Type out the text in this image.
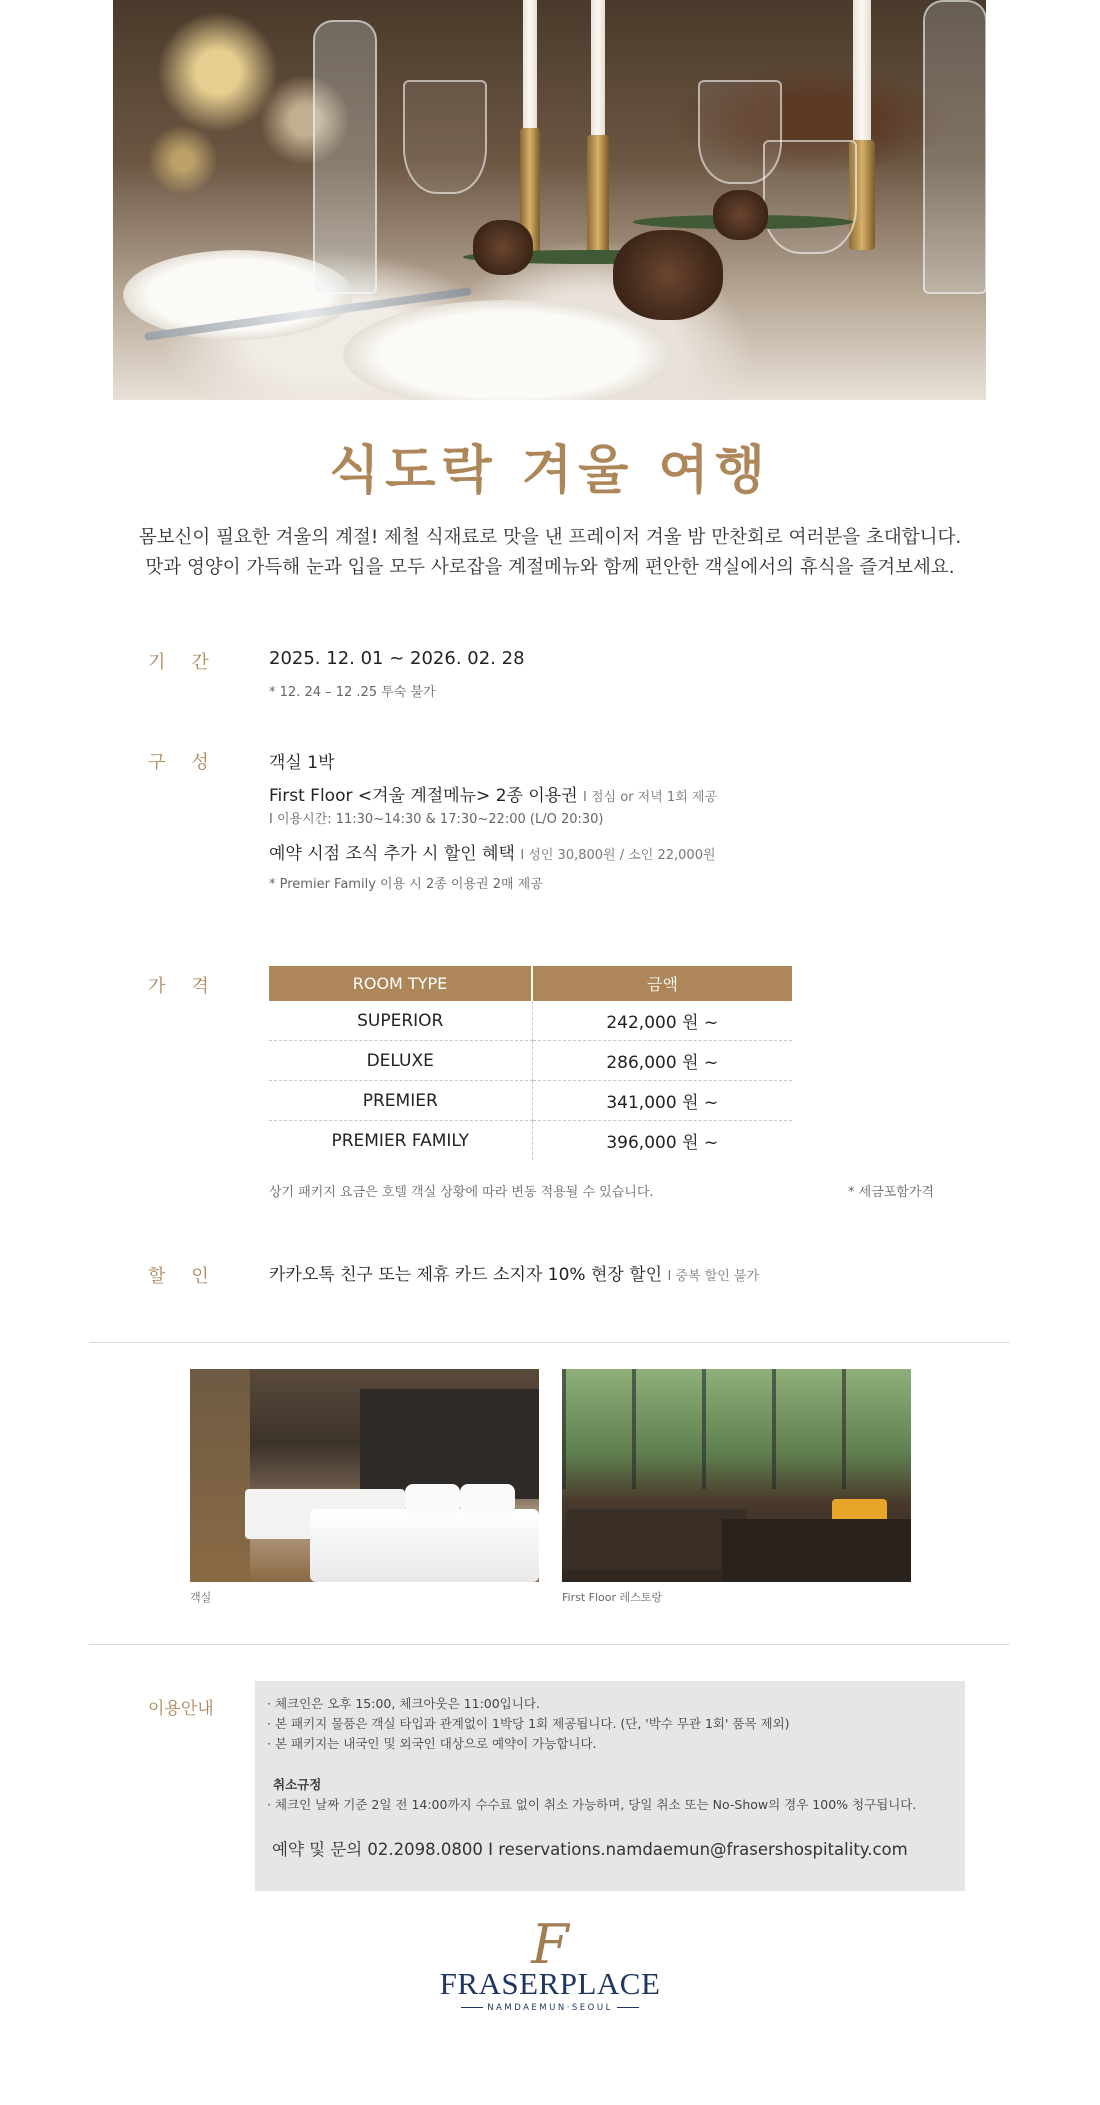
식도락 겨울 여행
몸보신이 필요한 겨울의 계절! 제철 식재료로 맛을 낸 프레이저 겨울 밤 만찬회로 여러분을 초대합니다.
맛과 영양이 가득해 눈과 입을 모두 사로잡을 계절메뉴와 함께 편안한 객실에서의 휴식을 즐겨보세요.
기간 2025. 12. 01 ~ 2026. 02. 28
* 12. 24 – 12 .25 투숙 불가
구성 객실 1박
First Floor <겨울 계절메뉴> 2종 이용권 I 점심 or 저녁 1회 제공
I 이용시간: 11:30~14:30 & 17:30~22:00 (L/O 20:30)
예약 시점 조식 추가 시 할인 혜택 I 성인 30,800원 / 소인 22,000원
* Premier Family 이용 시 2종 이용권 2매 제공
가격	ROOM TYPE	금액
SUPERIOR	242,000 원 ~
DELUXE	286,000 원 ~
PREMIER	341,000 원 ~
PREMIER FAMILY	396,000 원 ~
상기 패키지 요금은 호텔 객실 상황에 따라 변동 적용될 수 있습니다.	* 세금포함가격
할인 카카오톡 친구 또는 제휴 카드 소지자 10% 현장 할인 I 중복 할인 불가
객실	First Floor 레스토랑
이용안내	· 체크인은 오후 15:00, 체크아웃은 11:00입니다.
· 본 패키지 물품은 객실 타입과 관계없이 1박당 1회 제공됩니다. (단, '박수 무관 1회' 품목 제외)
· 본 패키지는 내국인 및 외국인 대상으로 예약이 가능합니다.
취소규정
· 체크인 날짜 기준 2일 전 14:00까지 수수료 없이 취소 가능하며, 당일 취소 또는 No-Show의 경우 100% 청구됩니다.
예약 및 문의 02.2098.0800 I reservations.namdaemun@frasershospitality.com
F
FRASERPLACE
NAMDAEMUN·SEOUL
